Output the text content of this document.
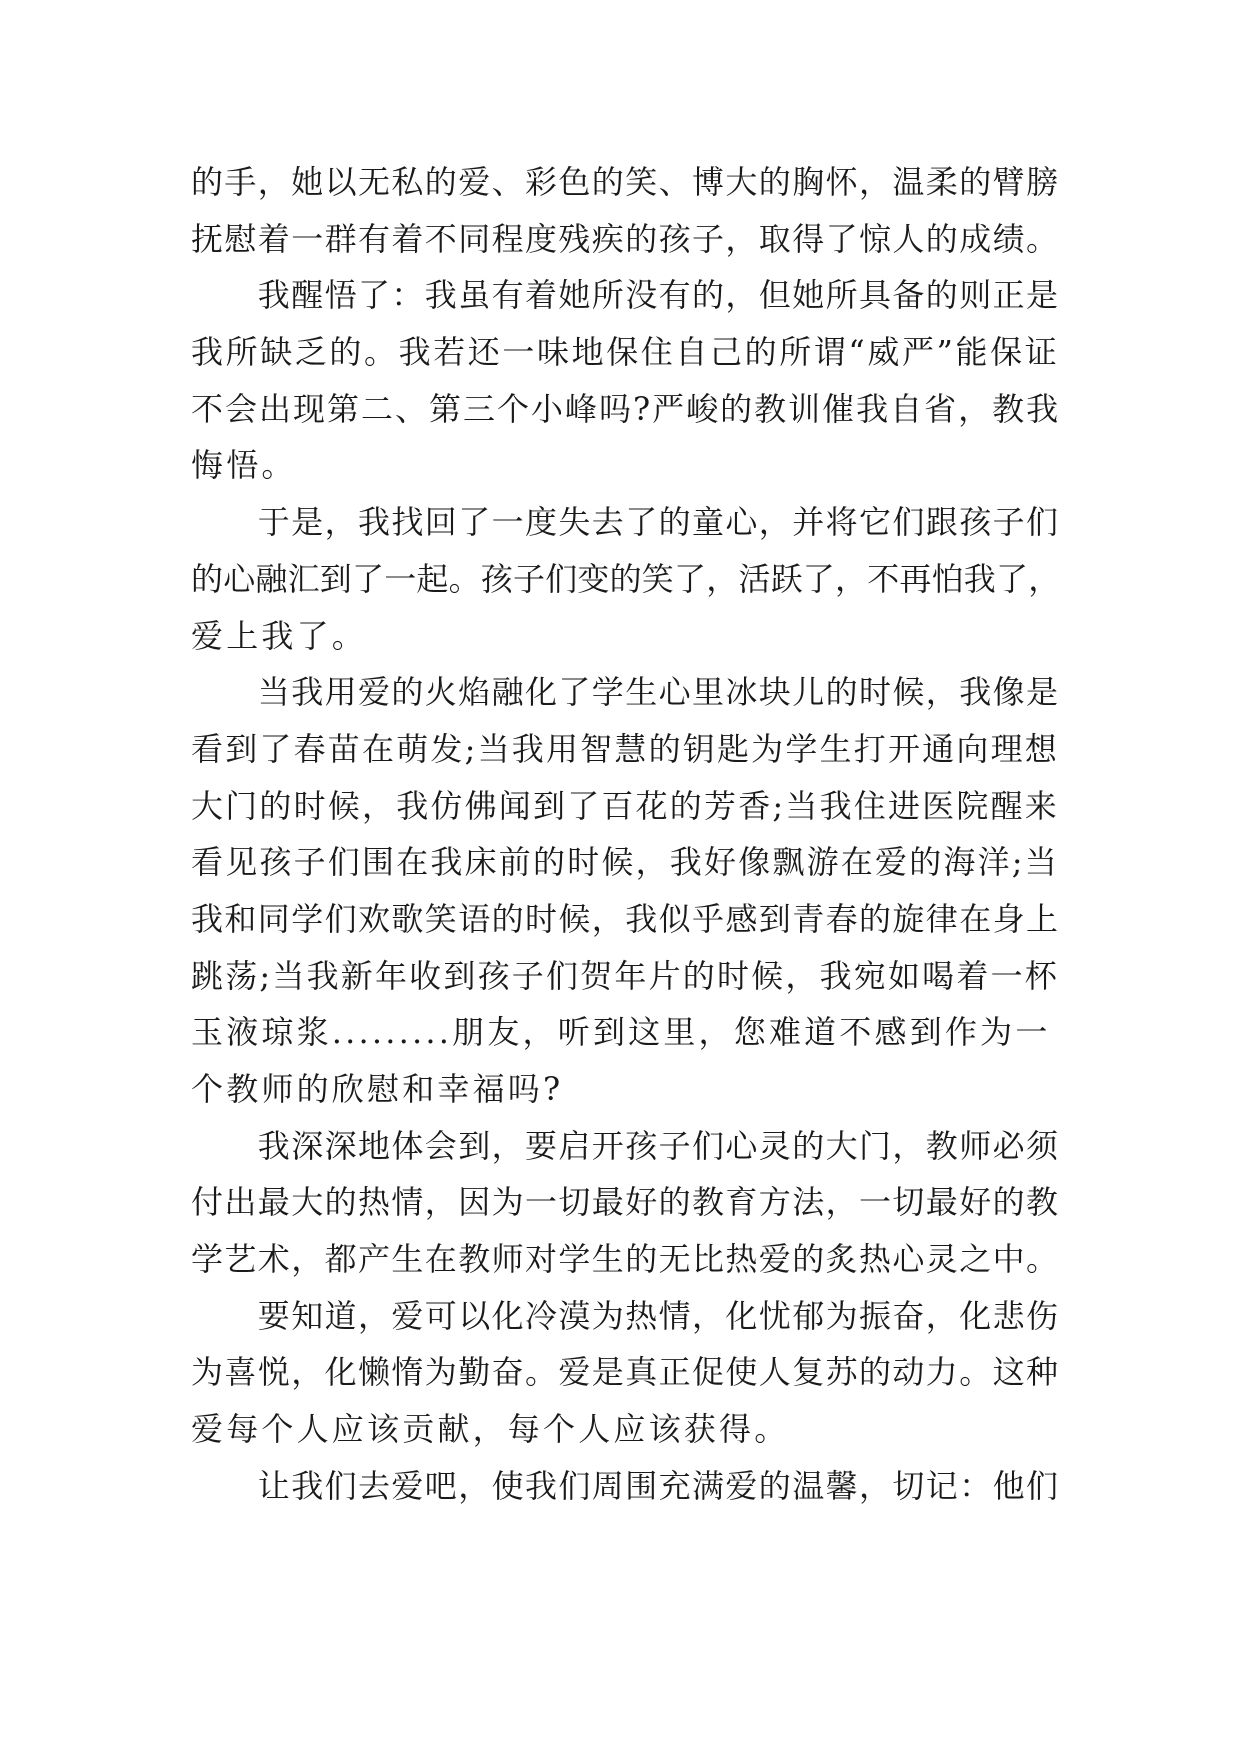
的手，她以无私的爱、彩色的笑、博大的胸怀，温柔的臂膀
抚慰着一群有着不同程度残疾的孩子，取得了惊人的成绩。
　　我醒悟了：我虽有着她所没有的，但她所具备的则正是
我所缺乏的。我若还一味地保住自己的所谓“威严”能保证
不会出现第二、第三个小峰吗?严峻的教训催我自省，教我
悔悟。
　　于是，我找回了一度失去了的童心，并将它们跟孩子们
的心融汇到了一起。孩子们变的笑了，活跃了，不再怕我了，
爱上我了。
　　当我用爱的火焰融化了学生心里冰块儿的时候，我像是
看到了春苗在萌发;当我用智慧的钥匙为学生打开通向理想
大门的时候，我仿佛闻到了百花的芳香;当我住进医院醒来
看见孩子们围在我床前的时候，我好像飘游在爱的海洋;当
我和同学们欢歌笑语的时候，我似乎感到青春的旋律在身上
跳荡;当我新年收到孩子们贺年片的时候，我宛如喝着一杯
玉液琼浆.........朋友，听到这里，您难道不感到作为一
个教师的欣慰和幸福吗?
　　我深深地体会到，要启开孩子们心灵的大门，教师必须
付出最大的热情，因为一切最好的教育方法，一切最好的教
学艺术，都产生在教师对学生的无比热爱的炙热心灵之中。
　　要知道，爱可以化冷漠为热情，化忧郁为振奋，化悲伤
为喜悦，化懒惰为勤奋。爱是真正促使人复苏的动力。这种
爱每个人应该贡献，每个人应该获得。
　　让我们去爱吧，使我们周围充满爱的温馨，切记：他们
